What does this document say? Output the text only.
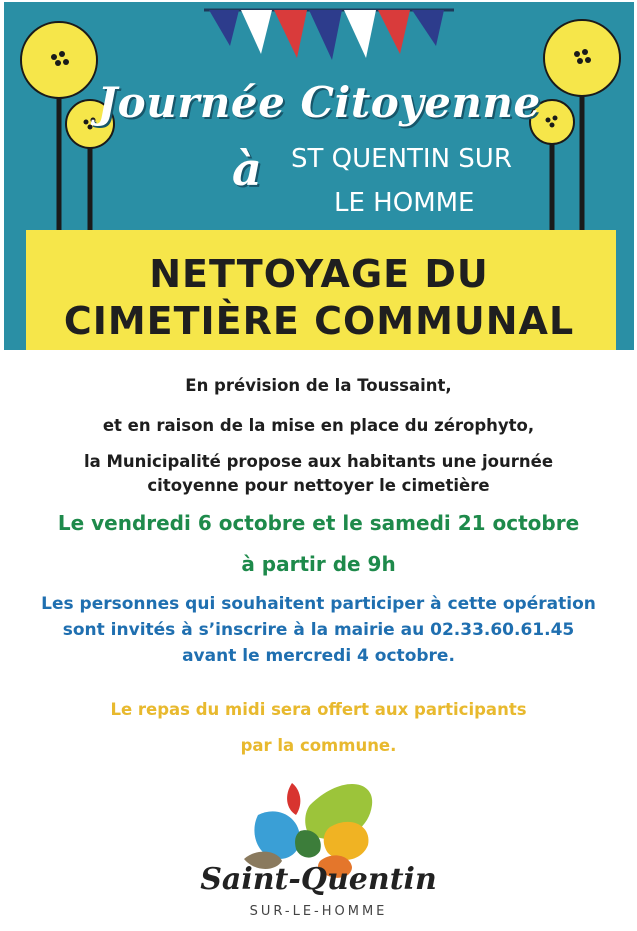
Journée Citoyenne
à ST QUENTIN SUR
LE HOMME
NETTOYAGE DU
CIMETIÈRE COMMUNAL
En prévision de la Toussaint,
et en raison de la mise en place du zérophyto,
la Municipalité propose aux habitants une journée
citoyenne pour nettoyer le cimetière
Le vendredi 6 octobre et le samedi 21 octobre
à partir de 9h
Les personnes qui souhaitent participer à cette opération
sont invités à s’inscrire à la mairie au 02.33.60.61.45
avant le mercredi 4 octobre.
Le repas du midi sera offert aux participants
par la commune.
Saint-Quentin
SUR-LE-HOMME
